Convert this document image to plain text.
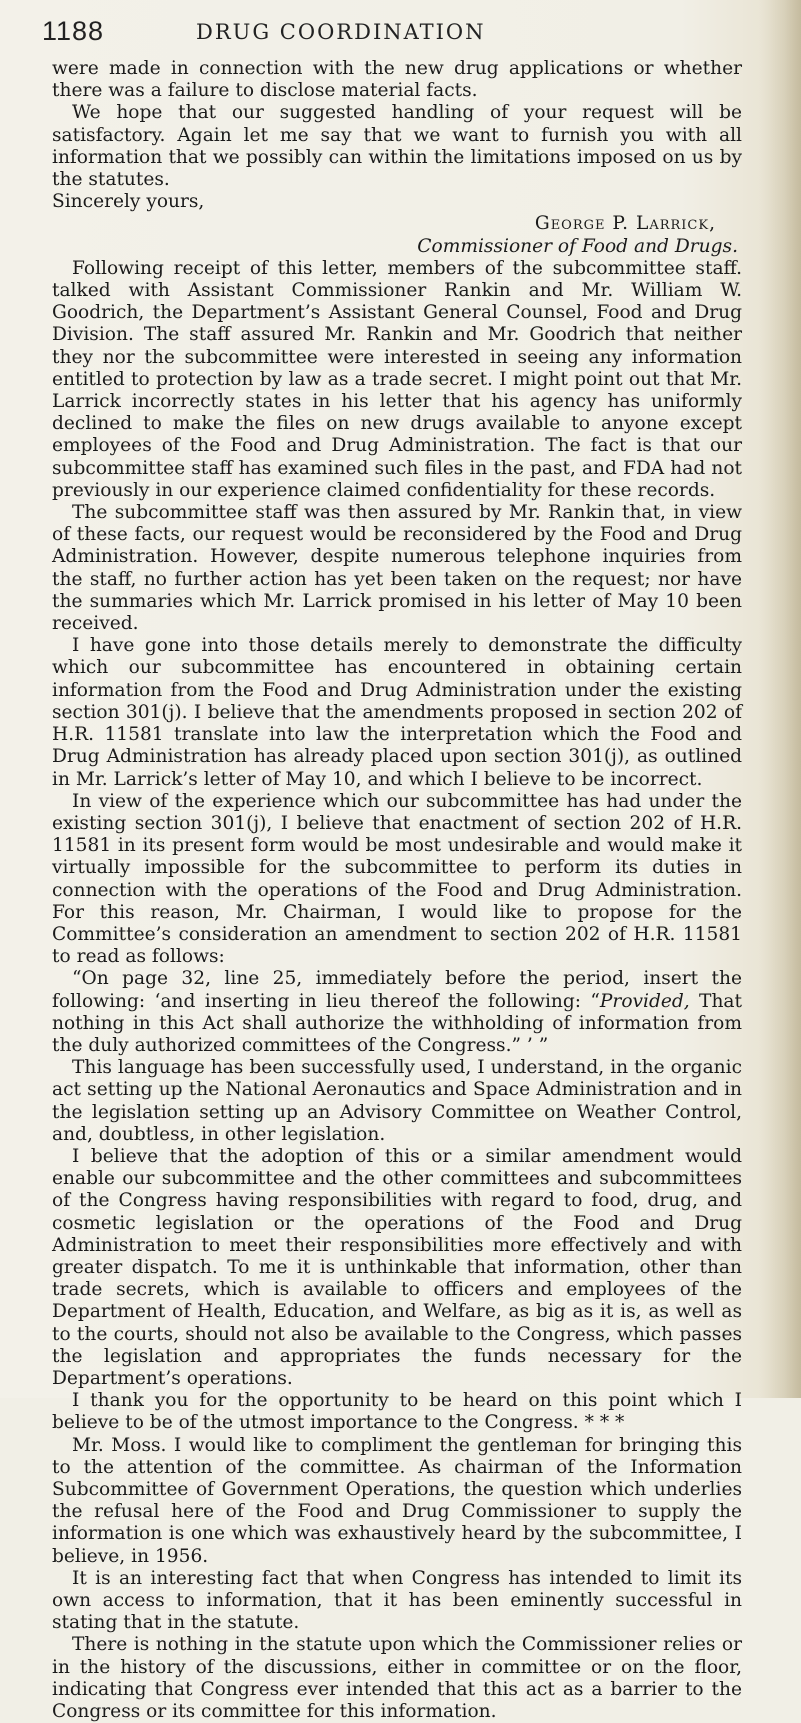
1188	DRUG COORDINATION

were made in connection with the new drug applications or whether there was a failure to disclose material facts.

We hope that our suggested handling of your request will be satisfactory. Again let me say that we want to furnish you with all information that we possibly can within the limitations imposed on us by the statutes.

Sincerely yours,

George P. Larrick,

Commissioner of Food and Drugs.

Following receipt of this letter, members of the subcommittee staff. talked with Assistant Commissioner Rankin and Mr. William W. Goodrich, the Department’s Assistant General Counsel, Food and Drug Division. The staff assured Mr. Rankin and Mr. Goodrich that neither they nor the subcommittee were interested in seeing any information entitled to protection by law as a trade secret. I might point out that Mr. Larrick incorrectly states in his letter that his agency has uniformly declined to make the files on new drugs available to anyone except employees of the Food and Drug Administration. The fact is that our subcommittee staff has examined such files in the past, and FDA had not previously in our experience claimed confidentiality for these records.

The subcommittee staff was then assured by Mr. Rankin that, in view of these facts, our request would be reconsidered by the Food and Drug Administration. However, despite numerous telephone inquiries from the staff, no further action has yet been taken on the request; nor have the summaries which Mr. Larrick promised in his letter of May 10 been received.

I have gone into those details merely to demonstrate the difficulty which our subcommittee has encountered in obtaining certain information from the Food and Drug Administration under the existing section 301(j). I believe that the amendments proposed in section 202 of H.R. 11581 translate into law the interpretation which the Food and Drug Administration has already placed upon section 301(j), as outlined in Mr. Larrick’s letter of May 10, and which I believe to be incorrect.

In view of the experience which our subcommittee has had under the existing section 301(j), I believe that enactment of section 202 of H.R. 11581 in its present form would be most undesirable and would make it virtually impossible for the subcommittee to perform its duties in connection with the operations of the Food and Drug Administration. For this reason, Mr. Chairman, I would like to propose for the Committee’s consideration an amendment to section 202 of H.R. 11581 to read as follows:

“On page 32, line 25, immediately before the period, insert the following: ‘and inserting in lieu thereof the following: “Provided, That nothing in this Act shall authorize the withholding of information from the duly authorized committees of the Congress.” ’ ”

This language has been successfully used, I understand, in the organic act setting up the National Aeronautics and Space Administration and in the legislation setting up an Advisory Committee on Weather Control, and, doubtless, in other legislation.

I believe that the adoption of this or a similar amendment would enable our subcommittee and the other committees and subcommittees of the Congress having responsibilities with regard to food, drug, and cosmetic legislation or the operations of the Food and Drug Administration to meet their responsibilities more effectively and with greater dispatch. To me it is unthinkable that information, other than trade secrets, which is available to officers and employees of the Department of Health, Education, and Welfare, as big as it is, as well as to the courts, should not also be available to the Congress, which passes the legislation and appropriates the funds necessary for the Department’s operations.

I thank you for the opportunity to be heard on this point which I believe to be of the utmost importance to the Congress. * * *

Mr. Moss. I would like to compliment the gentleman for bringing this to the attention of the committee. As chairman of the Information Subcommittee of Government Operations, the question which underlies the refusal here of the Food and Drug Commissioner to supply the information is one which was exhaustively heard by the subcommittee, I believe, in 1956.

It is an interesting fact that when Congress has intended to limit its own access to information, that it has been eminently successful in stating that in the statute.

There is nothing in the statute upon which the Commissioner relies or in the history of the discussions, either in committee or on the floor, indicating that Congress ever intended that this act as a barrier to the Congress or its committee for this information.
